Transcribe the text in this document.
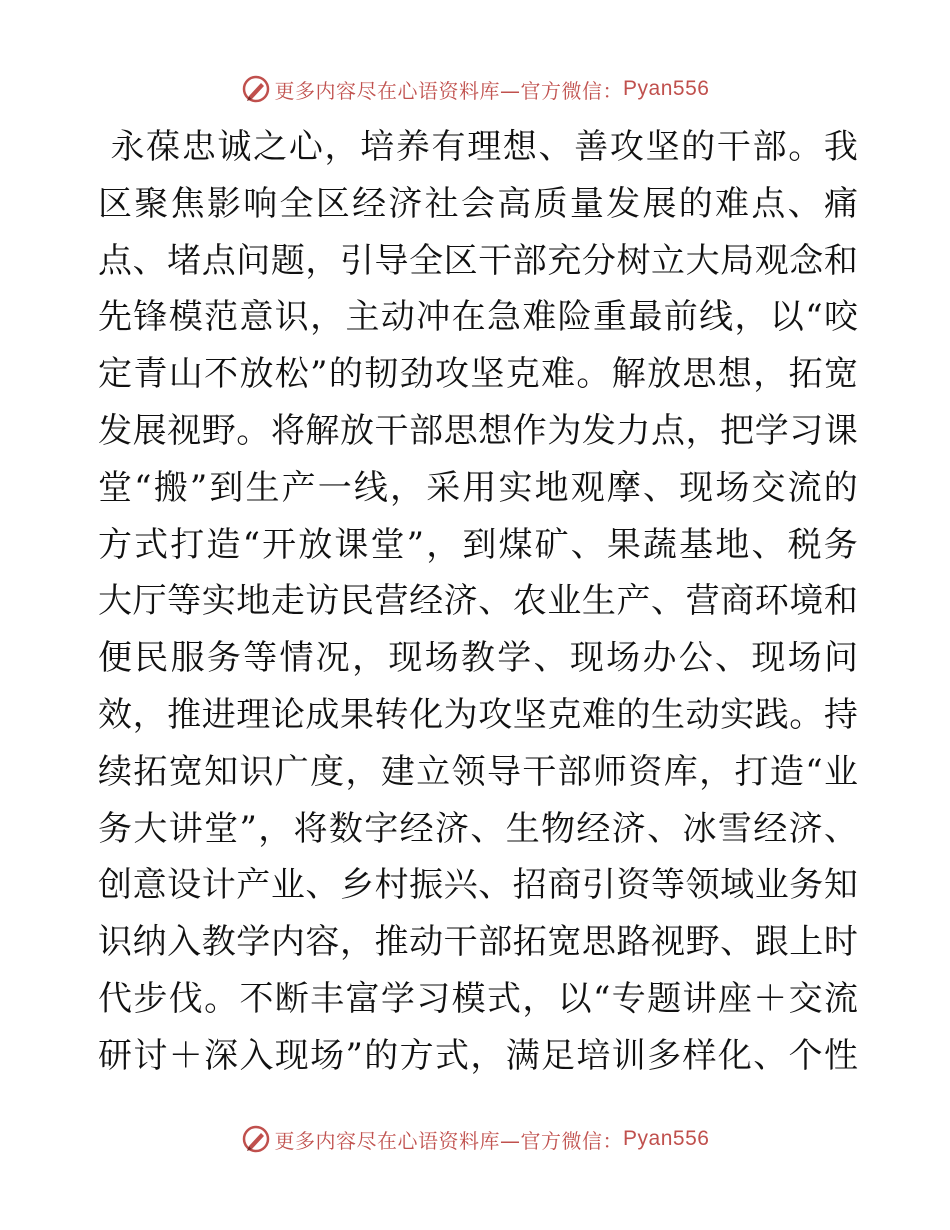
更多内容尽在心语资料库—官方微信： Pyan556

永 葆 忠 诚 之 心 ， 培 养 有 理 想 、 善 攻 坚 的 干 部 。 我
区 聚 焦 影 响 全 区 经 济 社 会 高 质 量 发 展 的 难 点 、 痛
点 、 堵 点 问 题 ， 引 导 全 区 干 部 充 分 树 立 大 局 观 念 和
先 锋 模 范 意 识 ， 主 动 冲 在 急 难 险 重 最 前 线 ， 以 “ 咬
定 青 山 不 放 松 ” 的 韧 劲 攻 坚 克 难 。 解 放 思 想 ， 拓 宽
发 展 视 野 。 将 解 放 干 部 思 想 作 为 发 力 点 ， 把 学 习 课
堂 “ 搬 ” 到 生 产 一 线 ， 采 用 实 地 观 摩 、 现 场 交 流 的
方 式 打 造 “ 开 放 课 堂 ” ， 到 煤 矿 、 果 蔬 基 地 、 税 务
大 厅 等 实 地 走 访 民 营 经 济 、 农 业 生 产 、 营 商 环 境 和
便 民 服 务 等 情 况 ， 现 场 教 学 、 现 场 办 公 、 现 场 问
效 ， 推 进 理 论 成 果 转 化 为 攻 坚 克 难 的 生 动 实 践 。 持
续 拓 宽 知 识 广 度 ， 建 立 领 导 干 部 师 资 库 ， 打 造 “ 业
务 大 讲 堂 ” ， 将 数 字 经 济 、 生 物 经 济 、 冰 雪 经 济 、
创 意 设 计 产 业 、 乡 村 振 兴 、 招 商 引 资 等 领 域 业 务 知
识 纳 入 教 学 内 容 ， 推 动 干 部 拓 宽 思 路 视 野 、 跟 上 时
代 步 伐 。 不 断 丰 富 学 习 模 式 ， 以 “ 专 题 讲 座 ＋ 交 流
研 讨 ＋ 深 入 现 场 ” 的 方 式 ， 满 足 培 训 多 样 化 、 个 性
更多内容尽在心语资料库—官方微信： Pyan556
